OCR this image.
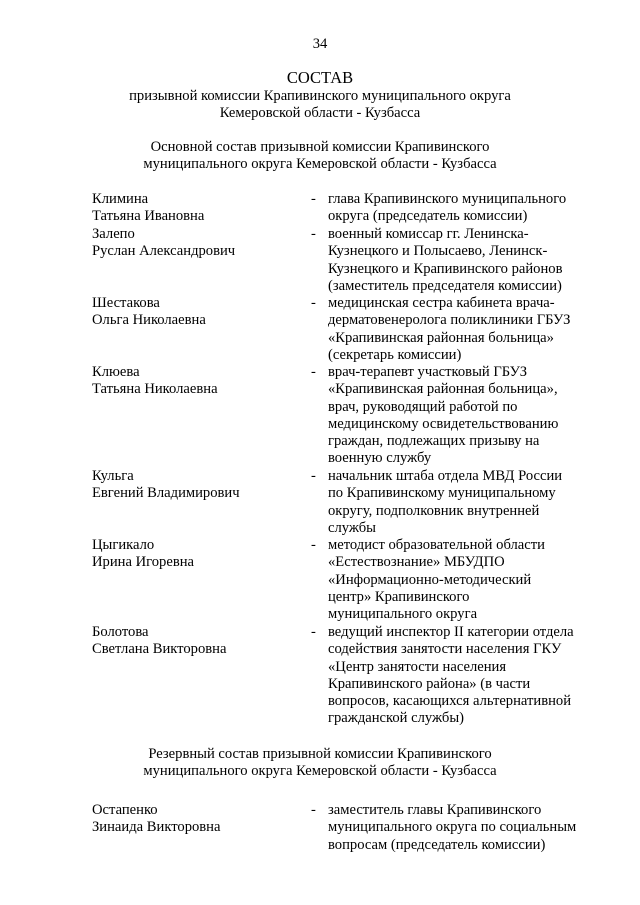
34
СОСТАВ
призывной комиссии Крапивинского муниципального округа
Кемеровской области - Кузбасса
Основной состав призывной комиссии Крапивинского
муниципального округа Кемеровской области - Кузбасса
Климина
Татьяна Ивановна
- глава Крапивинского муниципального
округа (председатель комиссии)
Залепо
Руслан Александрович
- военный комиссар гг. Ленинска-
Кузнецкого и Полысаево, Ленинск-
Кузнецкого и Крапивинского районов
(заместитель председателя комиссии)
Шестакова
Ольга Николаевна
- медицинская сестра кабинета врача-
дерматовенеролога поликлиники ГБУЗ
«Крапивинская районная больница»
(секретарь комиссии)
Клюева
Татьяна Николаевна
- врач-терапевт участковый ГБУЗ
«Крапивинская районная больница»,
врач, руководящий работой по
медицинскому освидетельствованию
граждан, подлежащих призыву на
военную службу
Кульга
Евгений Владимирович
- начальник штаба отдела МВД России
по Крапивинскому муниципальному
округу, подполковник внутренней
службы
Цыгикало
Ирина Игоревна
- методист образовательной области
«Естествознание» МБУДПО
«Информационно-методический
центр» Крапивинского
муниципального округа
Болотова
Светлана Викторовна
- ведущий инспектор II категории отдела
содействия занятости населения ГКУ
«Центр занятости населения
Крапивинского района» (в части
вопросов, касающихся альтернативной
гражданской службы)
Резервный состав призывной комиссии Крапивинского
муниципального округа Кемеровской области - Кузбасса
Остапенко
Зинаида Викторовна
- заместитель главы Крапивинского
муниципального округа по социальным
вопросам (председатель комиссии)
